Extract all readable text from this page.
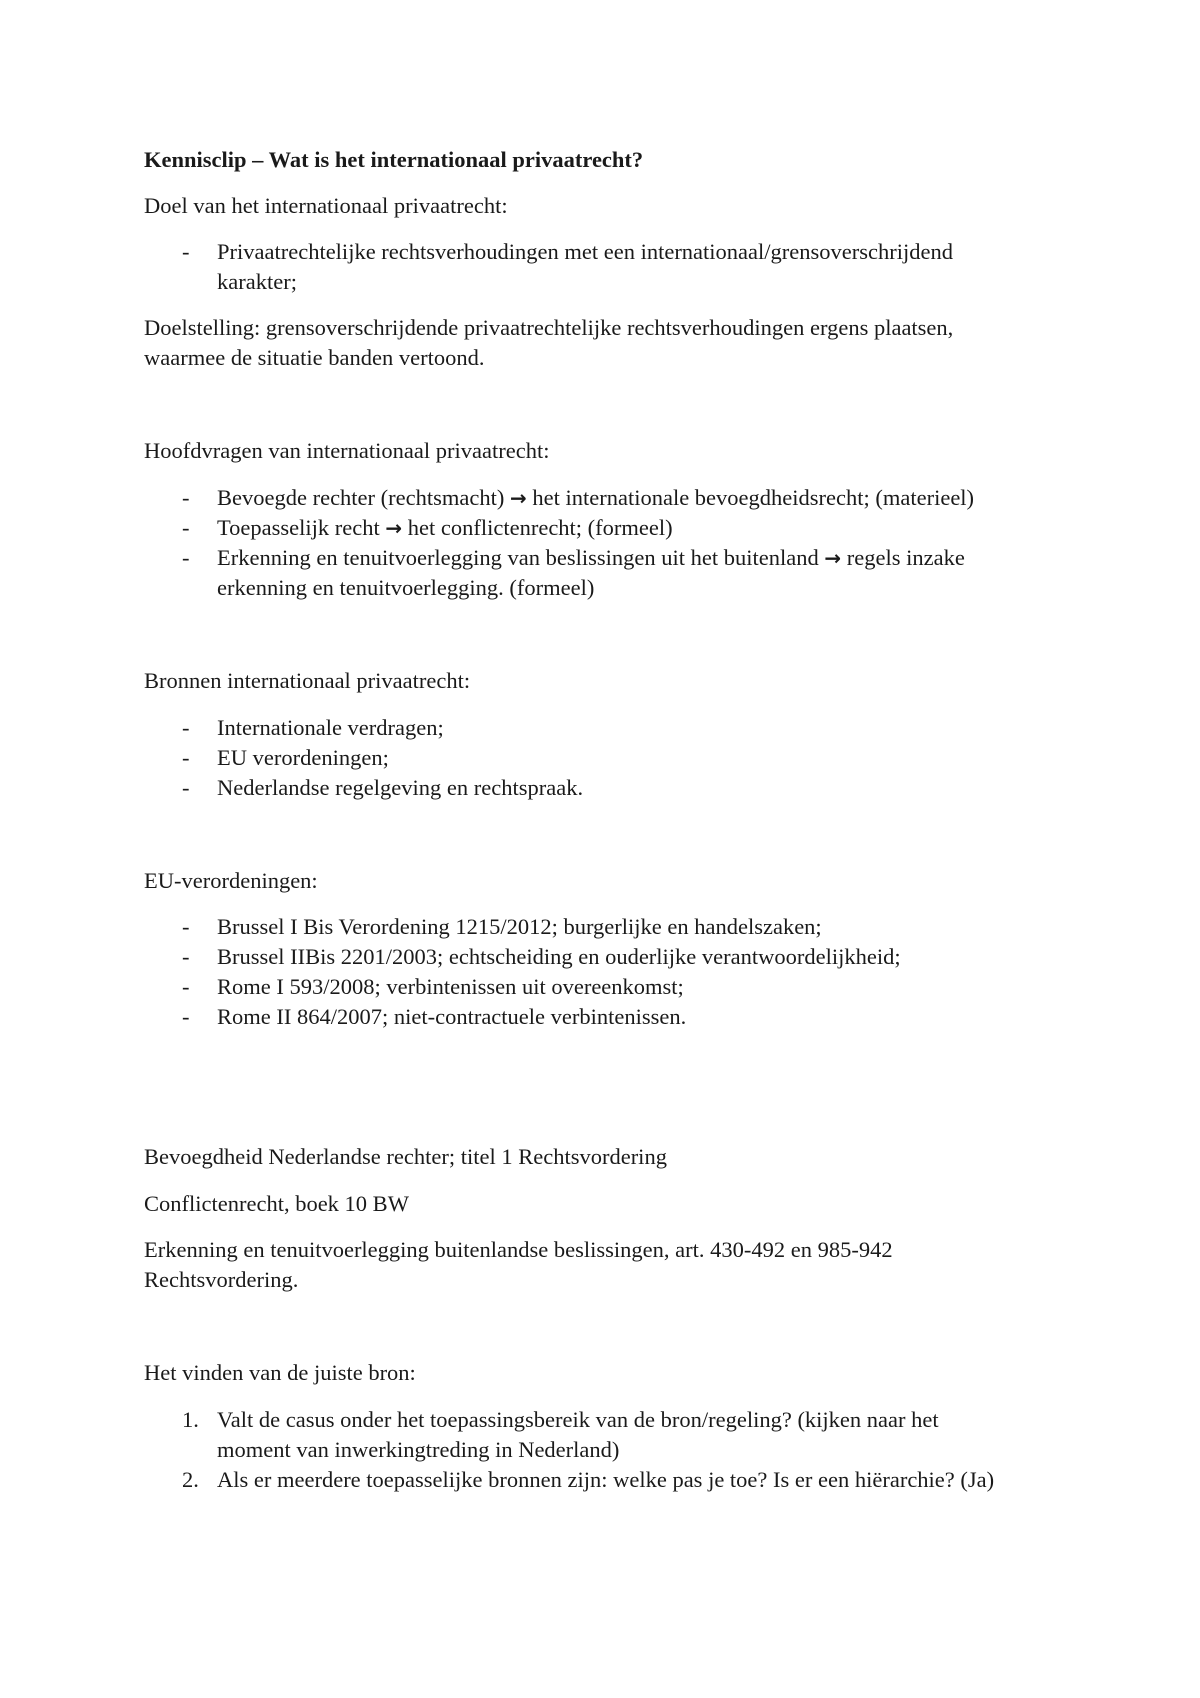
Kennisclip – Wat is het internationaal privaatrecht?
Doel van het internationaal privaatrecht:
-	Privaatrechtelijke rechtsverhoudingen met een internationaal/grensoverschrijdend
karakter;
Doelstelling: grensoverschrijdende privaatrechtelijke rechtsverhoudingen ergens plaatsen,
waarmee de situatie banden vertoond.
Hoofdvragen van internationaal privaatrecht:
-	Bevoegde rechter (rechtsmacht) → het internationale bevoegdheidsrecht; (materieel)
-	Toepasselijk recht → het conflictenrecht; (formeel)
-	Erkenning en tenuitvoerlegging van beslissingen uit het buitenland → regels inzake
erkenning en tenuitvoerlegging. (formeel)
Bronnen internationaal privaatrecht:
-	Internationale verdragen;
-	EU verordeningen;
-	Nederlandse regelgeving en rechtspraak.
EU-verordeningen:
-	Brussel I Bis Verordening 1215/2012; burgerlijke en handelszaken;
-	Brussel IIBis 2201/2003; echtscheiding en ouderlijke verantwoordelijkheid;
-	Rome I 593/2008; verbintenissen uit overeenkomst;
-	Rome II 864/2007; niet-contractuele verbintenissen.
Bevoegdheid Nederlandse rechter; titel 1 Rechtsvordering
Conflictenrecht, boek 10 BW
Erkenning en tenuitvoerlegging buitenlandse beslissingen, art. 430-492 en 985-942
Rechtsvordering.
Het vinden van de juiste bron:
1. Valt de casus onder het toepassingsbereik van de bron/regeling? (kijken naar het
moment van inwerkingtreding in Nederland)
2. Als er meerdere toepasselijke bronnen zijn: welke pas je toe? Is er een hiërarchie? (Ja)
